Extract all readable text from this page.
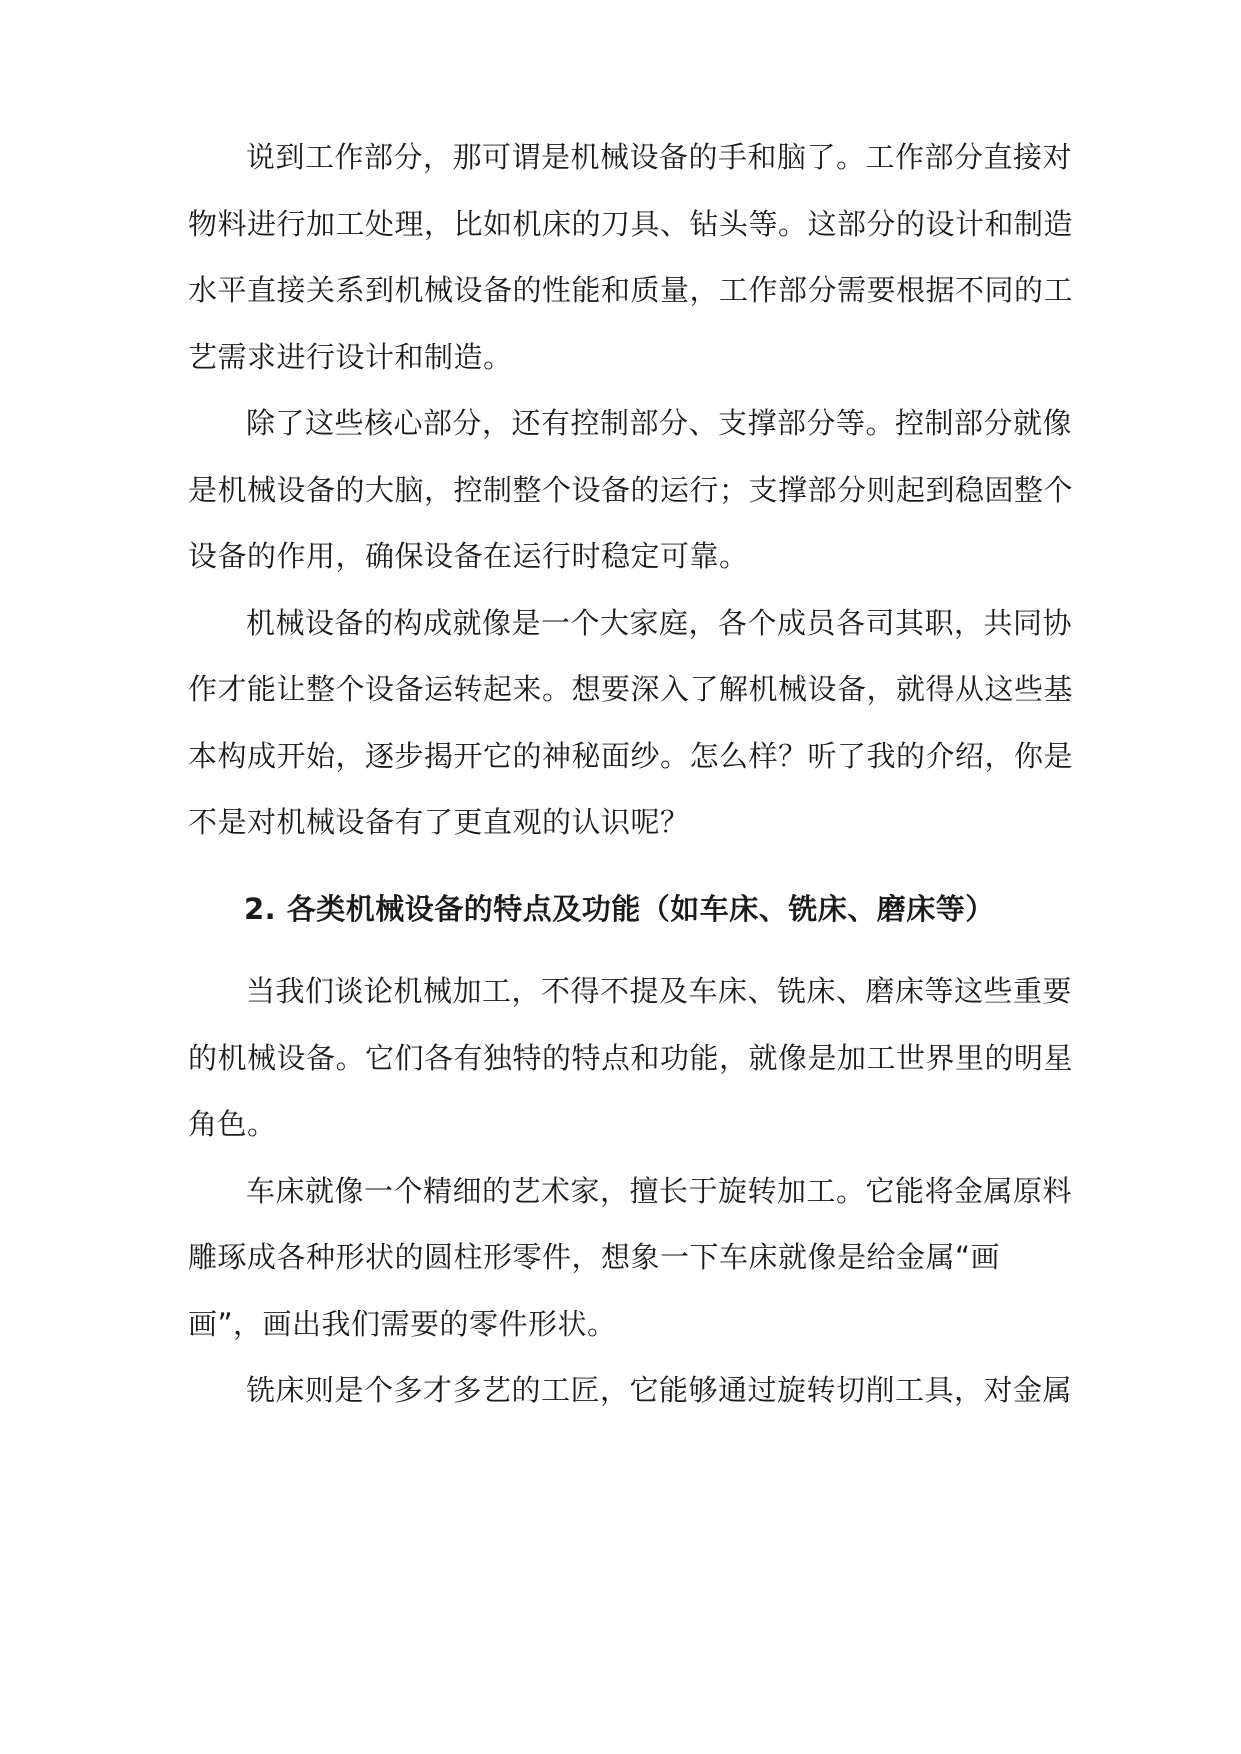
说到工作部分，那可谓是机械设备的手和脑了。工作部分直接对

物料进行加工处理，比如机床的刀具、钻头等。这部分的设计和制造

水平直接关系到机械设备的性能和质量，工作部分需要根据不同的工

艺需求进行设计和制造。

除了这些核心部分，还有控制部分、支撑部分等。控制部分就像

是机械设备的大脑，控制整个设备的运行；支撑部分则起到稳固整个

设备的作用，确保设备在运行时稳定可靠。

机械设备的构成就像是一个大家庭，各个成员各司其职，共同协

作才能让整个设备运转起来。想要深入了解机械设备，就得从这些基

本构成开始，逐步揭开它的神秘面纱。怎么样？听了我的介绍，你是

不是对机械设备有了更直观的认识呢？

2. 各类机械设备的特点及功能（如车床、铣床、磨床等）

当我们谈论机械加工，不得不提及车床、铣床、磨床等这些重要

的机械设备。它们各有独特的特点和功能，就像是加工世界里的明星

角色。

车床就像一个精细的艺术家，擅长于旋转加工。它能将金属原料

雕琢成各种形状的圆柱形零件，想象一下车床就像是给金属“画

画”，画出我们需要的零件形状。

铣床则是个多才多艺的工匠，它能够通过旋转切削工具，对金属
